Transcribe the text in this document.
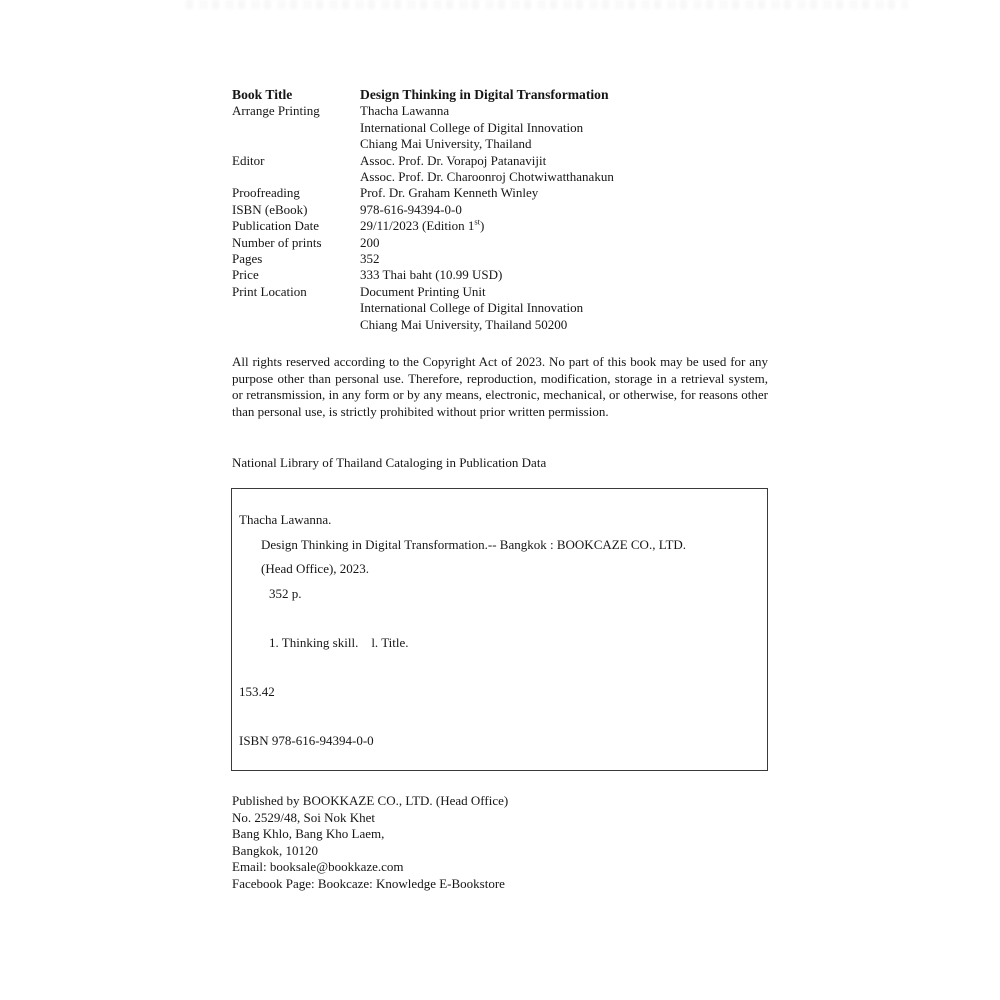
Book Title	Design Thinking in Digital Transformation
Arrange Printing	Thacha Lawanna
International College of Digital Innovation
Chiang Mai University, Thailand
Editor	Assoc. Prof. Dr. Vorapoj Patanavijit
Assoc. Prof. Dr. Charoonroj Chotwiwatthanakun
Proofreading	Prof. Dr. Graham Kenneth Winley
ISBN (eBook)	978-616-94394-0-0
Publication Date	29/11/2023 (Edition 1st)
Number of prints	200
Pages	352
Price	333 Thai baht (10.99 USD)
Print Location	Document Printing Unit
International College of Digital Innovation
Chiang Mai University, Thailand 50200
All rights reserved according to the Copyright Act of 2023. No part of this book may be used for any purpose other than personal use. Therefore, reproduction, modification, storage in a retrieval system, or retransmission, in any form or by any means, electronic, mechanical, or otherwise, for reasons other than personal use, is strictly prohibited without prior written permission.
National Library of Thailand Cataloging in Publication Data
Thacha Lawanna.
Design Thinking in Digital Transformation.-- Bangkok : BOOKCAZE CO., LTD.
(Head Office), 2023.
352 p.
1. Thinking skill.    l. Title.
153.42
ISBN 978-616-94394-0-0
Published by BOOKKAZE CO., LTD. (Head Office)
No. 2529/48, Soi Nok Khet
Bang Khlo, Bang Kho Laem,
Bangkok, 10120
Email: booksale@bookkaze.com
Facebook Page: Bookcaze: Knowledge E-Bookstore
